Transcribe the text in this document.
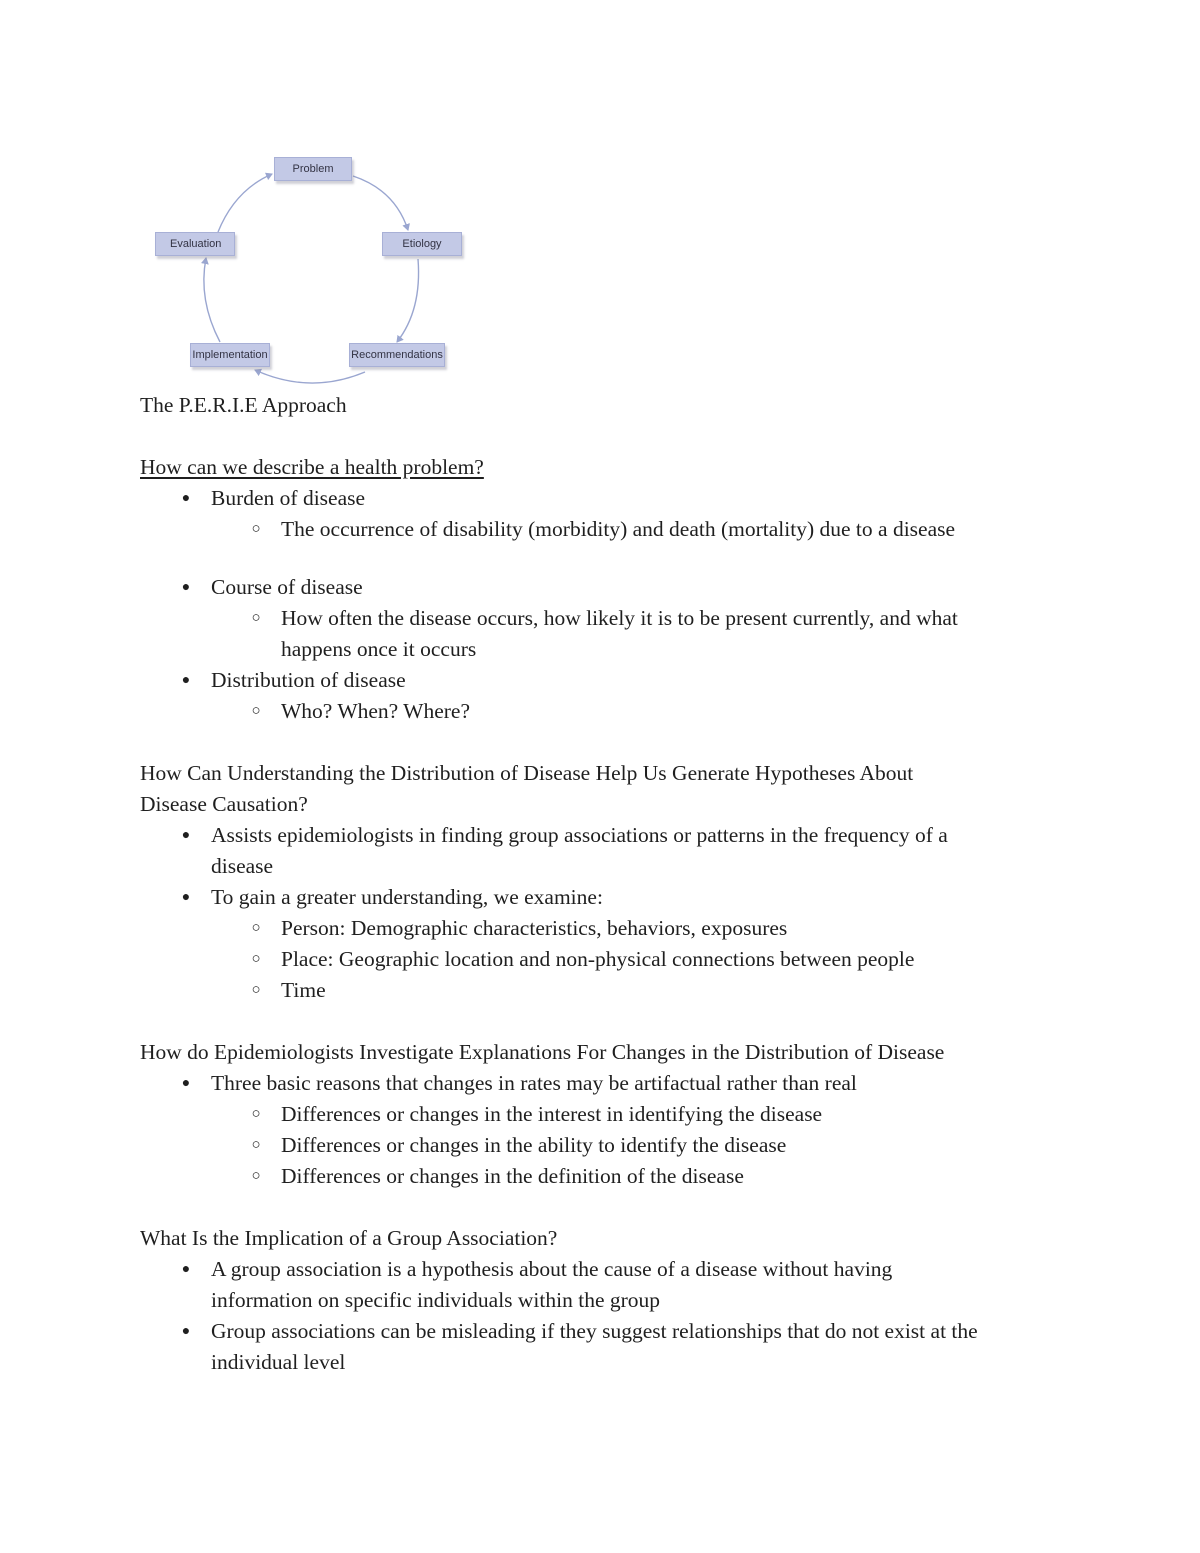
Problem
Etiology
Recommendations
Implementation
Evaluation

The P.E.R.I.E Approach

How can we describe a health problem?

● Burden of disease
○ The occurrence of disability (morbidity) and death (mortality) due to a disease
● Course of disease
○ How often the disease occurs, how likely it is to be present currently, and what
happens once it occurs
● Distribution of disease
○ Who? When? Where?

How Can Understanding the Distribution of Disease Help Us Generate Hypotheses About
Disease Causation?

● Assists epidemiologists in finding group associations or patterns in the frequency of a
disease
● To gain a greater understanding, we examine:
○ Person: Demographic characteristics, behaviors, exposures
○ Place: Geographic location and non-physical connections between people
○ Time

How do Epidemiologists Investigate Explanations For Changes in the Distribution of Disease

● Three basic reasons that changes in rates may be artifactual rather than real
○ Differences or changes in the interest in identifying the disease
○ Differences or changes in the ability to identify the disease
○ Differences or changes in the definition of the disease

What Is the Implication of a Group Association?

● A group association is a hypothesis about the cause of a disease without having
information on specific individuals within the group
● Group associations can be misleading if they suggest relationships that do not exist at the
individual level
